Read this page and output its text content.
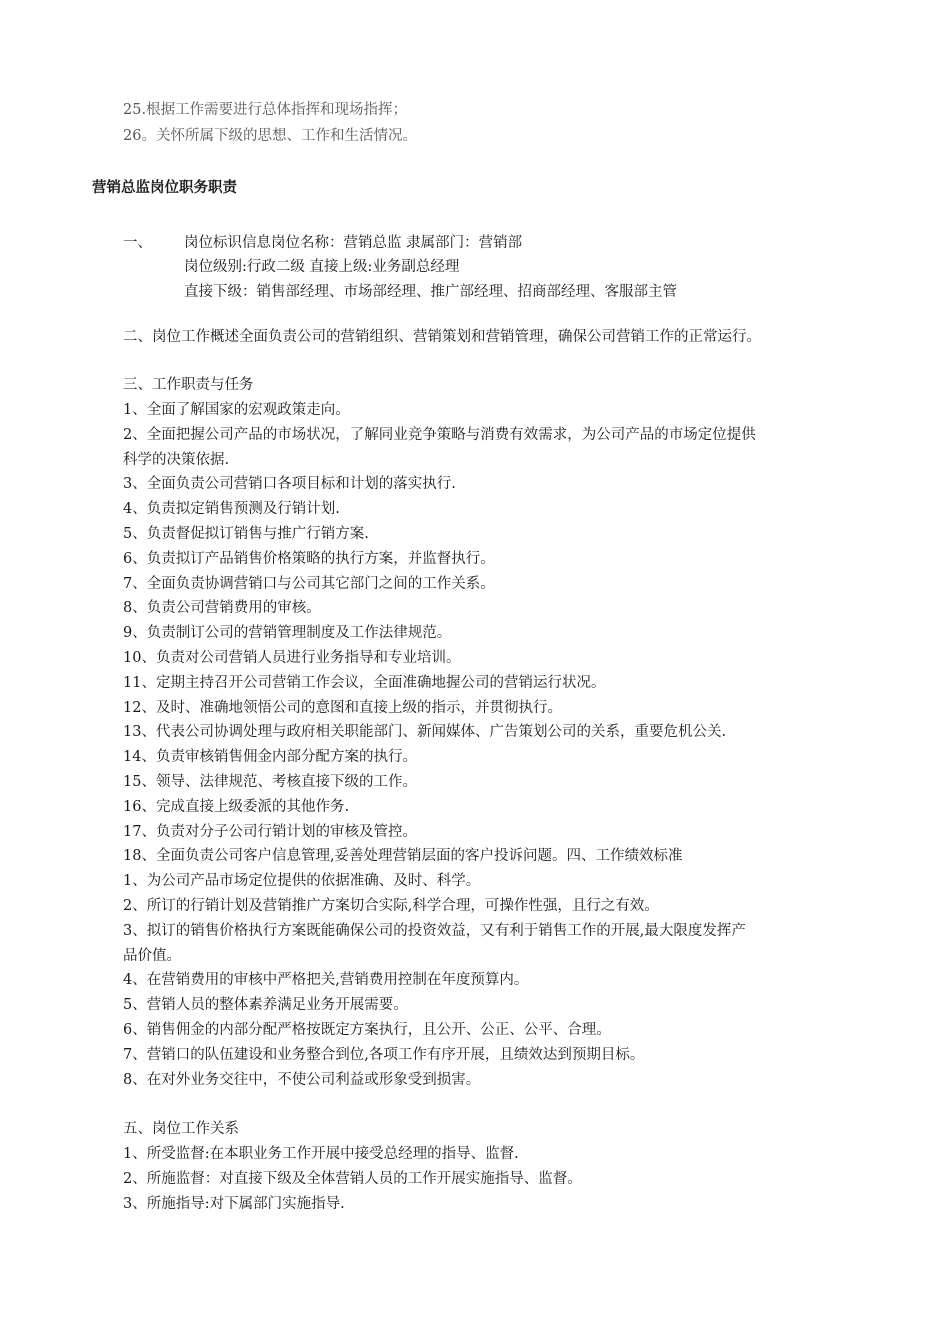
25.根据工作需要进行总体指挥和现场指挥；
26。关怀所属下级的思想、工作和生活情况。
营销总监岗位职务职责
一、 岗位标识信息岗位名称：营销总监 隶属部门：营销部
岗位级别:行政二级 直接上级:业务副总经理
直接下级：销售部经理、市场部经理、推广部经理、招商部经理、客服部主管
二、岗位工作概述全面负责公司的营销组织、营销策划和营销管理，确保公司营销工作的正常运行。
三、工作职责与任务
1、全面了解国家的宏观政策走向。
2、全面把握公司产品的市场状况，了解同业竞争策略与消费有效需求，为公司产品的市场定位提供
科学的决策依据.
3、全面负责公司营销口各项目标和计划的落实执行.
4、负责拟定销售预测及行销计划.
5、负责督促拟订销售与推广行销方案.
6、负责拟订产品销售价格策略的执行方案，并监督执行。
7、全面负责协调营销口与公司其它部门之间的工作关系。
8、负责公司营销费用的审核。
9、负责制订公司的营销管理制度及工作法律规范。
10、负责对公司营销人员进行业务指导和专业培训。
11、定期主持召开公司营销工作会议，全面准确地握公司的营销运行状况。
12、及时、准确地领悟公司的意图和直接上级的指示，并贯彻执行。
13、代表公司协调处理与政府相关职能部门、新闻媒体、广告策划公司的关系，重要危机公关.
14、负责审核销售佣金内部分配方案的执行。
15、领导、法律规范、考核直接下级的工作。
16、完成直接上级委派的其他作务.
17、负责对分子公司行销计划的审核及管控。
18、全面负责公司客户信息管理,妥善处理营销层面的客户投诉问题。四、工作绩效标准
1、为公司产品市场定位提供的依据准确、及时、科学。
2、所订的行销计划及营销推广方案切合实际,科学合理，可操作性强，且行之有效。
3、拟订的销售价格执行方案既能确保公司的投资效益，又有利于销售工作的开展,最大限度发挥产
品价值。
4、在营销费用的审核中严格把关,营销费用控制在年度预算内。
5、营销人员的整体素养满足业务开展需要。
6、销售佣金的内部分配严格按既定方案执行，且公开、公正、公平、合理。
7、营销口的队伍建设和业务整合到位,各项工作有序开展，且绩效达到预期目标。
8、在对外业务交往中，不使公司利益或形象受到损害。
五、岗位工作关系
1、所受监督:在本职业务工作开展中接受总经理的指导、监督.
2、所施监督：对直接下级及全体营销人员的工作开展实施指导、监督。
3、所施指导:对下属部门实施指导.
